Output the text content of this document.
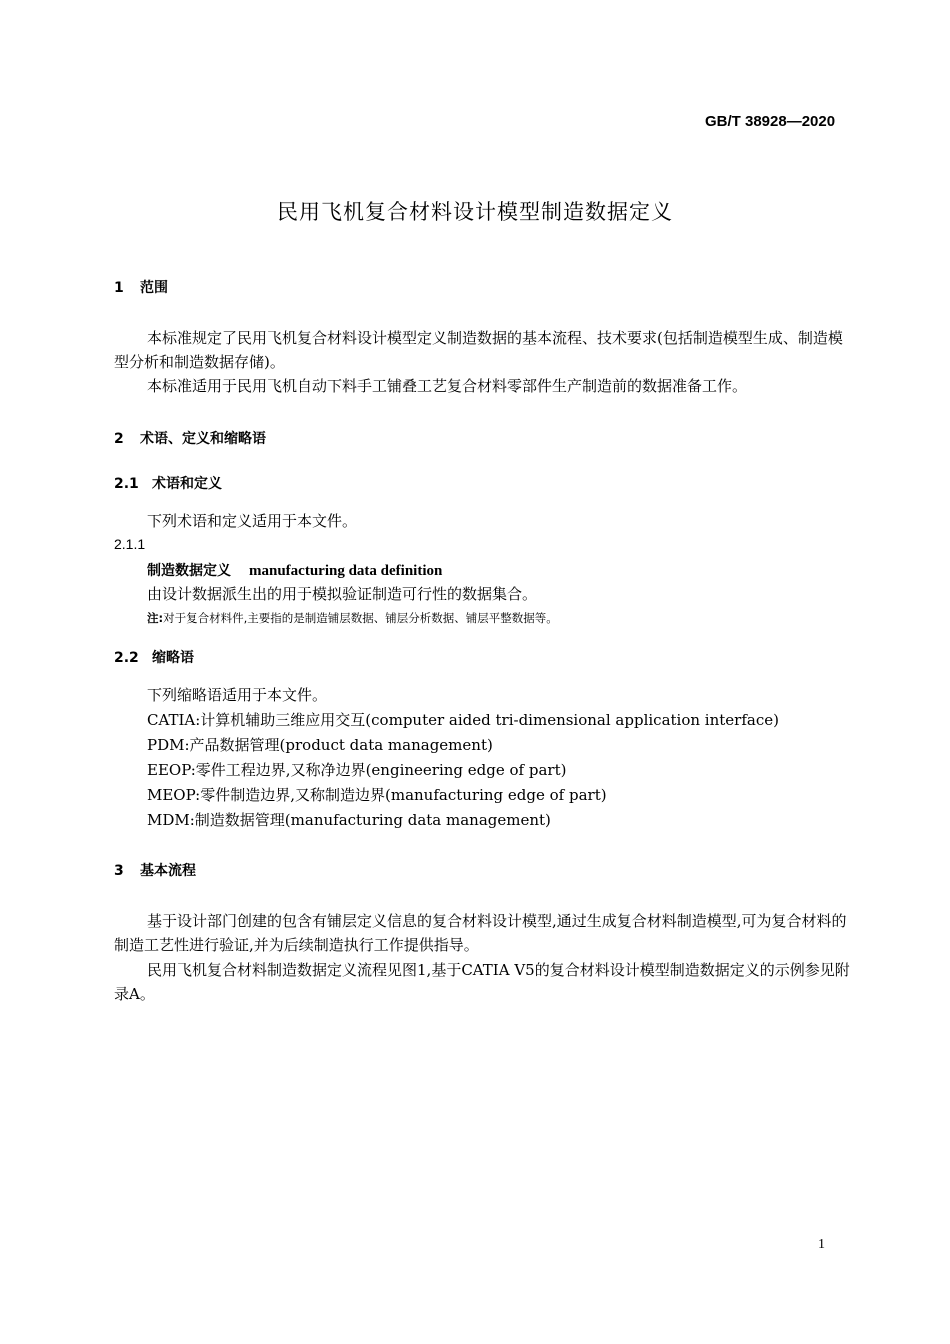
GB/T 38928—2020
民用飞机复合材料设计模型制造数据定义
1 范围
本标准规定了民用飞机复合材料设计模型定义制造数据的基本流程、技术要求(包括制造模型生成、制造模型分析和制造数据存储)。
本标准适用于民用飞机自动下料手工铺叠工艺复合材料零部件生产制造前的数据准备工作。
2 术语、定义和缩略语
2.1 术语和定义
下列术语和定义适用于本文件。
2.1.1
制造数据定义 manufacturing data definition
由设计数据派生出的用于模拟验证制造可行性的数据集合。
注:对于复合材料件,主要指的是制造铺层数据、铺层分析数据、铺层平整数据等。
2.2 缩略语
下列缩略语适用于本文件。
CATIA:计算机辅助三维应用交互(computer aided tri-dimensional application interface)
PDM:产品数据管理(product data management)
EEOP:零件工程边界,又称净边界(engineering edge of part)
MEOP:零件制造边界,又称制造边界(manufacturing edge of part)
MDM:制造数据管理(manufacturing data management)
3 基本流程
基于设计部门创建的包含有铺层定义信息的复合材料设计模型,通过生成复合材料制造模型,可为复合材料的制造工艺性进行验证,并为后续制造执行工作提供指导。
民用飞机复合材料制造数据定义流程见图1,基于CATIA V5的复合材料设计模型制造数据定义的示例参见附录A。
1
